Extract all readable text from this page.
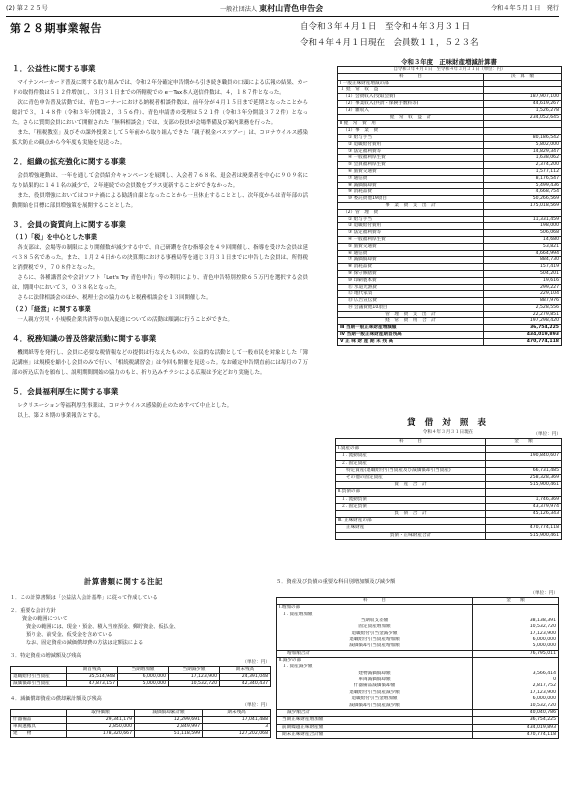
(2) 第２２５号	一般社団法人 東村山青色申告会	令和４年５月１日　発行
第２８期事業報告	自令和３年４月１日　至令和４年３月３１日
令和４年４月１日現在　会員数１１，５２３名
１．公益性に関する事業
マイナンバーカード普及に関する取り組みでは、令和２年分確定申告期から引き続き職員の口頭による広報の結果、カードの取得件数は５１２件増加し、３月３１日までの所轄税での e－Tax本人送信件数は、４，１８７件となった。
次に青色申告普及活動では、青色コーナーにおける納税者相談件数は、前年分が４月１５日まで延期となったことから総計で３，１４８件（令和３年分開設２，３５６件）、青色申請書の受理は５２１件（令和３年分開設３７２件）となった。さらに質問会員において開催された「無料相談会」では、支部の役員が会場準備及び案内業務を行った。
また、「租税教室」及びその課外授業として５年前から取り組んできた「親子税金バスツアー」は、コロナウイルス感染拡大防止の観点から今年度も実施を見送った。
２．組織の拡充強化に関する事業
会員増強運動は、一年を通して会員紹介キャンペーンを展開し、入会者７６８名、退会者は廃業者を中心に９０９名になり結果的に１４１名の減少で、２年連続での会員数をプラス更新することができなかった。
また、役員増強においてはコロナ禍による勧誘自粛となったことから一旦休止することとし、次年度からは青年部の活動開始を目標に部員増強策を展開することとした。
３．会員の資質向上に関する事業
（１）「税」を中心とした事業
各支部は、会場等の制限により開催数が減少する中で、自己研鑽を含む指導会を４９回開催し、指導を受けた会員は延べ３８５名であった。また、１月２４日からの決算期における事務局等を通じ３月３１日までに申告した会員は、所得税と消費税で９，７０８件となった。
さらに、各種講習会や会計ソフト「Let's Try 青色申告」等の利用により、青色申告特別控除６５万円を選択する会員は、期間中において３，０３８名となった。
さらに法律相談会のほか、税理士会の協力のもと税務相談会を１３回開催した。
（２）「経営」に関する事業
一人親方労災・小規模企業共済等の加入促進についての活動は順調に行うことができた。
４．税務知識の普及啓蒙活動に関する事業
機関紙等を発行し、会員に必要な税情報などの提供は行なえたものの、公益的な活動として一般市民を対象とした「簿記講座」は規模を縮小し会員のみで行い、「相続税講習会」は今回も開催を見送った。なお確定申告期直前には毎月の７万部の折込広告を頒布し、説明期間開始の協力のもと、折り込みチラシによる広報は予定どおり実施した。
５．会員福利厚生に関する事業
レクリエーション等福利厚生事業は、コロナウイルス感染防止のためすべて中止とした。
以上、第２８期の事業報告とする。
令和３年度　正味財産増減計算書
自令和３年４月１日　至令和４年３月３１日（単位：円）	
科　　　目	決　算　額
Ⅰ 一般正味財産増減の部	
１ 経　常　収　益	
（1）会費収入(受取会費)	187,907,100
（2）事業収入(共済・保険手数料等)	44,619,267
（3）雑収入	1,526,278
経　常　収　益　計	234,052,645
Ⅱ 経　常　費　用	
（1）事　業　費	
① 給与手当	80,186,542
② 退職給付費用	5,802,000
③ 法定福利費等	14,829,347
④ 一般福利厚生費	1,638,062
⑤ 会員福利厚生費	2,374,200
⑥ 旅費交通費	1,577,112
⑦ 通信費	8,176,547
⑧ 減価償却費	5,499,436
⑨ 消耗品費	4,668,754
⑩ 委託費他19項目	50,266,569
事　業　費　支　出　計	175,018,569
（2）管　理　費	
① 給与手当	11,331,459
② 退職給付費用	198,000
③ 法定福利費等	506,068
④ 一般福利厚生費	14,680
⑤ 旅費交通費	53,821
⑥ 通信費	4,664,994
⑦ 減価償却費	884,730
⑧ 消耗品費	157,419
⑨ 保守修繕費	504,201
⑩ 印刷製本費	19,616
⑪ 水道光熱費	299,227
⑫ 地代家賃	229,104
⑬ 広告宣伝費	887,976
⑭ 会議費他10項目	2,528,556
管　理　費　支　出　計	22,279,851
経　常　費　用　合　計	197,298,420
Ⅲ 当期一般正味財産増減額	36,754,225
Ⅳ 当期一般正味財産期首残高	434,019,893
Ⅴ 正 味 財 産 期 末 残 高	470,774,118
貸 借 対 照 表
令和４年３月３１日現在	（単位：円）
科　　　目	金　　額
Ⅰ.資産の部	
１. 流動資産	190,840,607
２. 固定資産	
特定資産(退職給付引当資産及び減価償却引当資産)	66,731,485
その他の固定資産	258,328,369
資　産　合　計	515,900,461
Ⅱ.負債の部	
１. 流動負債	1,746,369
２. 固定負債	43,379,974
負　債　合　計	45,126,343
Ⅲ. 正味財産の部	
正味財産	470,774,118
負債・正味財産合計	515,900,461
計算書類に関する注記
１．この計算書類は「公益法人会計基準」に従って作成している
２．重要な会計方針
資金の範囲について
資金の範囲には、現金・預金、積入当座預金、郵貯資金、仮払金、
預り金、前受金、仮受金を含めている
なお、固定資産の減価償却費の方法は定額法による
３．特定資産の増減額及び残高
（単位：円）
	期首残高	当期増加額	当期減少額	期末残高
退職給付引当資産	35,514,948	6,000,000	17,123,900	24,391,048
減価償却引当資産	47,873,157	5,000,000	10,532,720	42,340,437
４．減価償却資産の償却累計額及び残高
（単位：円）
	取得価額	減価償却累計額	期末残高
什器備品	29,341,179	12,299,691	17,041,488
車両運搬具	2,850,000	2,849,997	3
建　　物	178,320,667	51,118,599	127,202,068
５．資産及び負債の重要な科目別増加額及び減少額
（単位：円）
科　　　目	金　　額
Ⅰ.増加の部	
１. 資産増加額	
当期収支差額	38,138,391
固定資産増加額	10,532,720
退職給付引当金減少額	17,123,900
退職給付引当資産増加額	6,000,000
減価償却引当資産増加額	5,000,000
増加額合計	76,795,011
Ⅱ.減少の部	
１. 資産減少額	
建物減価償却額	3,566,414
車両減価償却額	0
什器備品減価償却額	2,817,752
退職給付引当資産減少額	17,123,900
退職給付引当金増加額	6,000,000
減価償却引当資産減少額	10,532,720
減少額合計	40,040,786
当期正味財産増加額	36,754,225
前期繰越正味財産額	434,019,893
期末正味財産合計額	470,774,118
